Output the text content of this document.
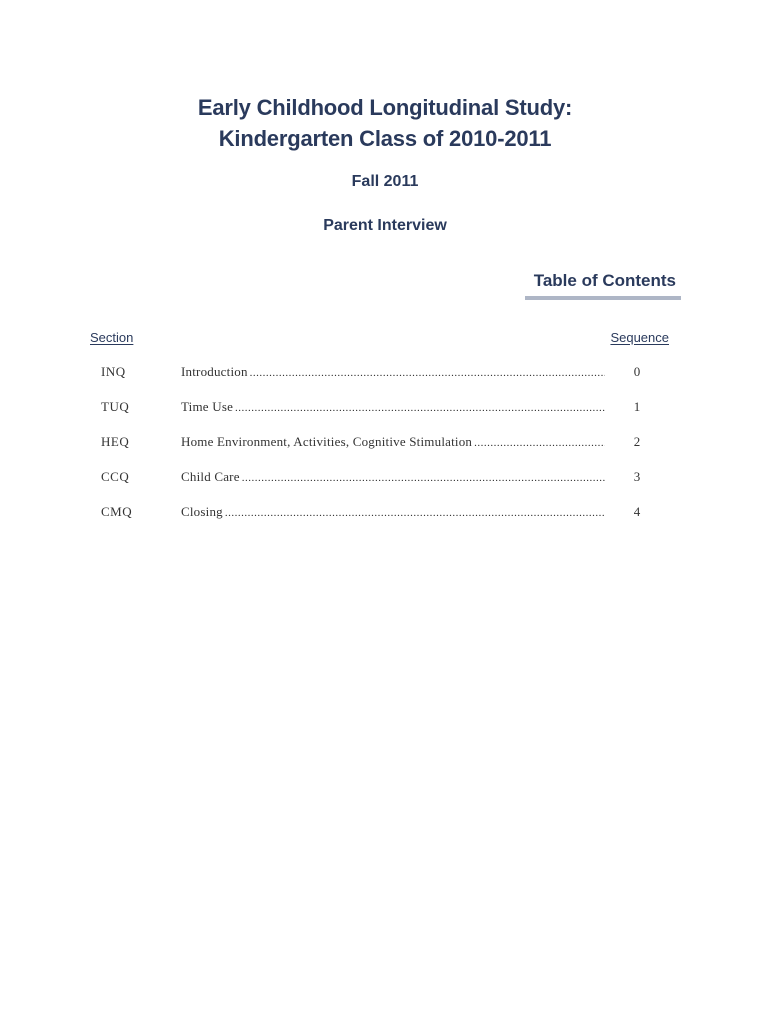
Early Childhood Longitudinal Study:
Kindergarten Class of 2010-2011
Fall 2011
Parent Interview
Table of Contents
Section	Sequence
INQ	Introduction .....	0
TUQ	Time Use .....	1
HEQ	Home Environment, Activities, Cognitive Stimulation .....	2
CCQ	Child Care .....	3
CMQ	Closing .....	4
